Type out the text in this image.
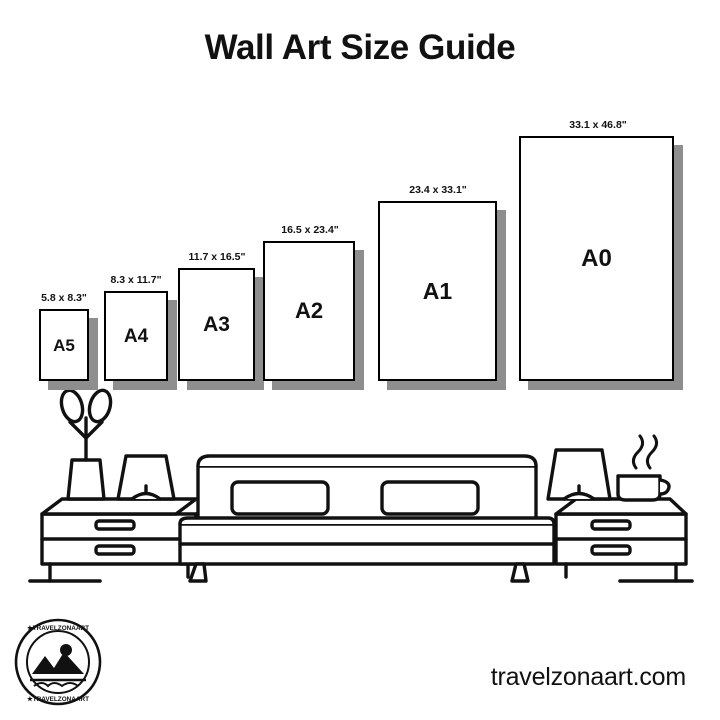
Wall Art Size Guide
A5
5.8 x 8.3"
A4
8.3 x 11.7"
A3
11.7 x 16.5"
A2
16.5 x 23.4"
A1
23.4 x 33.1"
A0
33.1 x 46.8"
★TRAVELZONAART
★TRAVELZONAART
travelzonaart.com
